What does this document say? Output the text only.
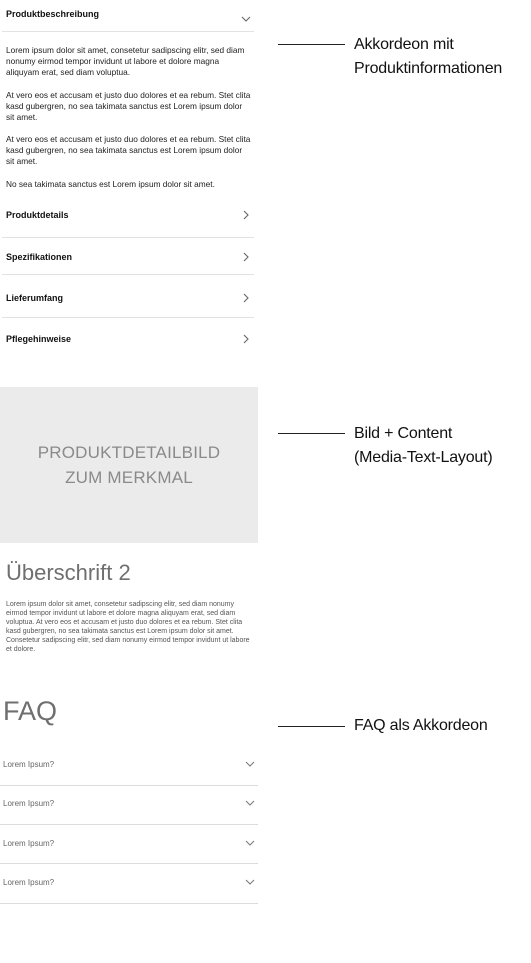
Produktbeschreibung

Lorem ipsum dolor sit amet, consetetur sadipscing elitr, sed diam nonumy eirmod tempor invidunt ut labore et dolore magna aliquyam erat, sed diam voluptua.

At vero eos et accusam et justo duo dolores et ea rebum. Stet clita kasd gubergren, no sea takimata sanctus est Lorem ipsum dolor sit amet.

At vero eos et accusam et justo duo dolores et ea rebum. Stet clita kasd gubergren, no sea takimata sanctus est Lorem ipsum dolor sit amet.

No sea takimata sanctus est Lorem ipsum dolor sit amet.

Produktdetails
Spezifikationen
Lieferumfang
Pflegehinweise
PRODUKTDETAILBILD
ZUM MERKMAL
Überschrift 2

Lorem ipsum dolor sit amet, consetetur sadipscing elitr, sed diam nonumy eirmod tempor invidunt ut labore et dolore magna aliquyam erat, sed diam voluptua. At vero eos et accusam et justo duo dolores et ea rebum. Stet clita kasd gubergren, no sea takimata sanctus est Lorem ipsum dolor sit amet. Consetetur sadipscing elitr, sed diam nonumy eirmod tempor invidunt ut labore et dolore.

FAQ
Lorem Ipsum?
Lorem Ipsum?
Lorem Ipsum?
Lorem Ipsum?
Akkordeon mit
Produktinformationen
Bild + Content
(Media-Text-Layout)
FAQ als Akkordeon
